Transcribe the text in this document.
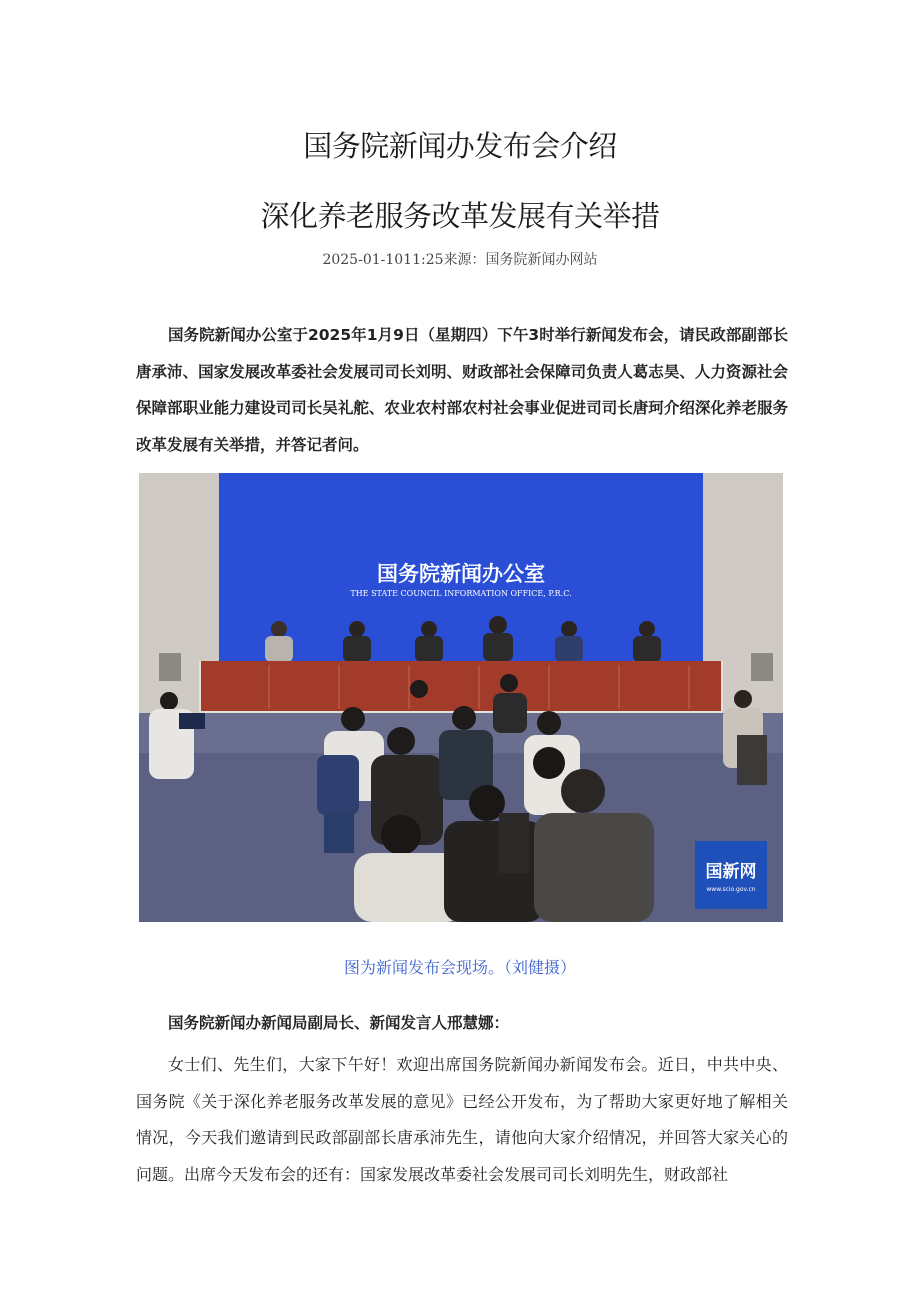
国务院新闻办发布会介绍
深化养老服务改革发展有关举措
2025-01-1011:25来源：国务院新闻办网站

国务院新闻办公室于2025年1月9日（星期四）下午3时举行新闻发布会，请民政部副部长唐承沛、国家发展改革委社会发展司司长刘明、财政部社会保障司负责人葛志昊、人力资源社会保障部职业能力建设司司长吴礼舵、农业农村部农村社会事业促进司司长唐珂介绍深化养老服务改革发展有关举措，并答记者问。

国务院新闻办公室
THE STATE COUNCIL INFORMATION OFFICE, P.R.C.
国新网
www.scio.gov.cn
图为新闻发布会现场。（刘健摄）

国务院新闻办新闻局副局长、新闻发言人邢慧娜：

女士们、先生们，大家下午好！欢迎出席国务院新闻办新闻发布会。近日，中共中央、国务院《关于深化养老服务改革发展的意见》已经公开发布，为了帮助大家更好地了解相关情况，今天我们邀请到民政部副部长唐承沛先生，请他向大家介绍情况，并回答大家关心的问题。出席今天发布会的还有：国家发展改革委社会发展司司长刘明先生，财政部社
